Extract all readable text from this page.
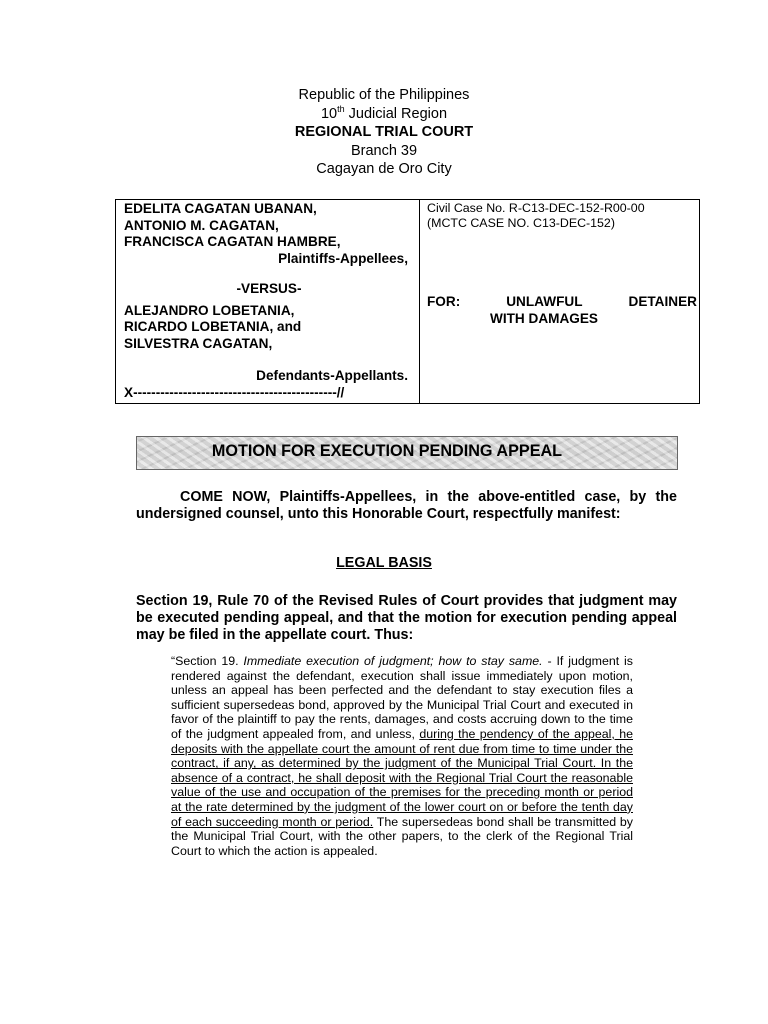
Republic of the Philippines
10th Judicial Region
REGIONAL TRIAL COURT
Branch 39
Cagayan de Oro City
EDELITA CAGATAN UBANAN,
ANTONIO M. CAGATAN,
FRANCISCA CAGATAN HAMBRE,
Plaintiffs-Appellees,
-VERSUS-
ALEJANDRO LOBETANIA,
RICARDO LOBETANIA, and
SILVESTRA CAGATAN,
Defendants-Appellants.
X---------------------------------------------//
Civil Case No. R-C13-DEC-152-R00-00
(MCTC CASE NO. C13-DEC-152)
FOR:	UNLAWFUL	DETAINER
WITH DAMAGES
MOTION FOR EXECUTION PENDING APPEAL
COME NOW, Plaintiffs-Appellees, in the above-entitled case, by the undersigned counsel, unto this Honorable Court, respectfully manifest:
LEGAL BASIS
Section 19, Rule 70 of the Revised Rules of Court provides that judgment may be executed pending appeal, and that the motion for execution pending appeal may be filed in the appellate court. Thus:
“Section 19. Immediate execution of judgment; how to stay same. - If judgment is rendered against the defendant, execution shall issue immediately upon motion, unless an appeal has been perfected and the defendant to stay execution files a sufficient supersedeas bond, approved by the Municipal Trial Court and executed in favor of the plaintiff to pay the rents, damages, and costs accruing down to the time of the judgment appealed from, and unless, during the pendency of the appeal, he deposits with the appellate court the amount of rent due from time to time under the contract, if any, as determined by the judgment of the Municipal Trial Court. In the absence of a contract, he shall deposit with the Regional Trial Court the reasonable value of the use and occupation of the premises for the preceding month or period at the rate determined by the judgment of the lower court on or before the tenth day of each succeeding month or period. The supersedeas bond shall be transmitted by the Municipal Trial Court, with the other papers, to the clerk of the Regional Trial Court to which the action is appealed.
